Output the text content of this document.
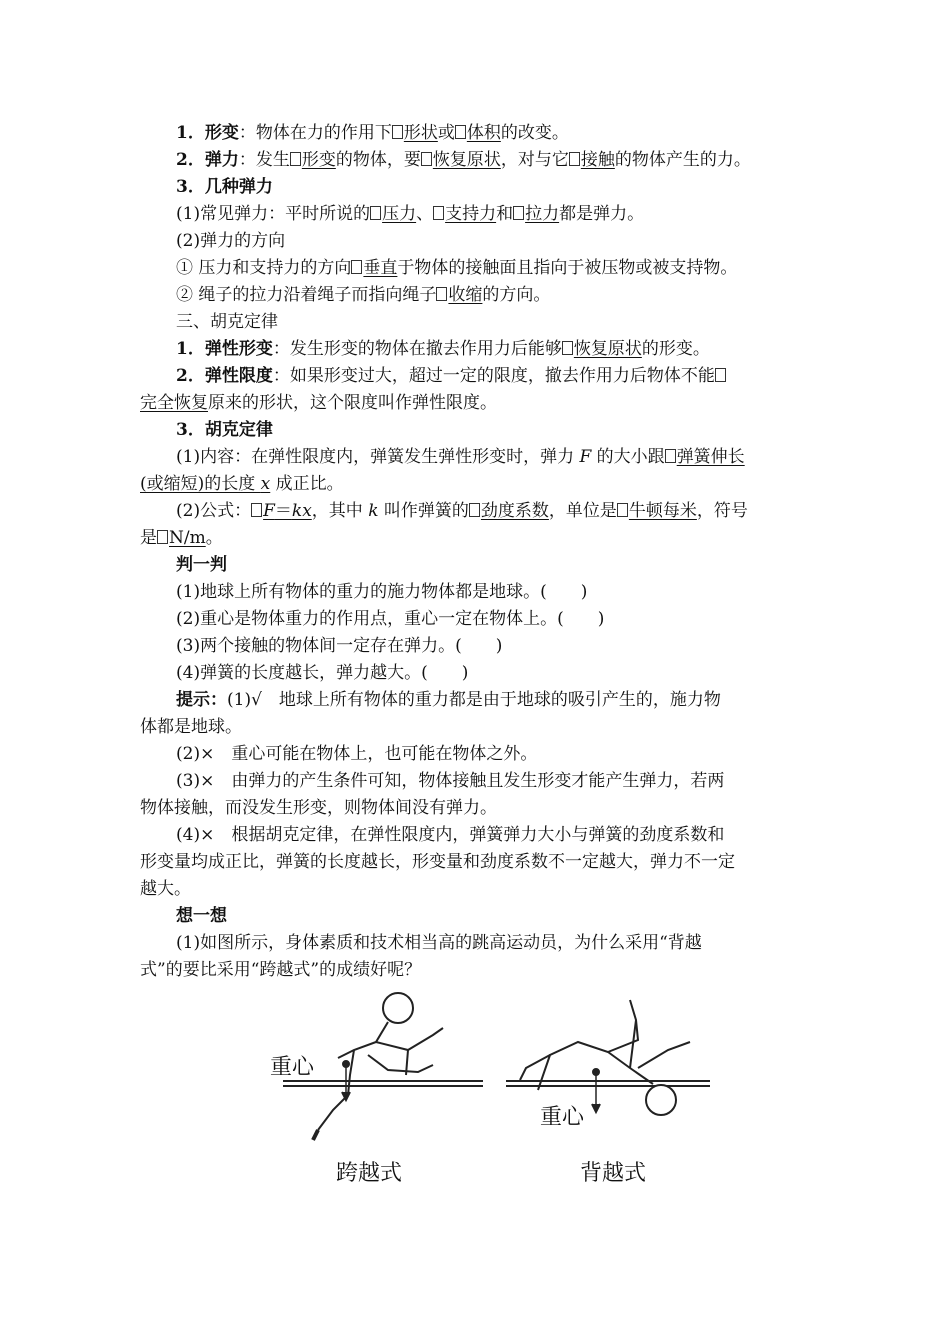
1．形变：物体在力的作用下 形状或 体积的改变。
2．弹力：发生 形变的物体，要 恢复原状，对与它 接触的物体产生的力。
3．几种弹力
(1)常见弹力：平时所说的 压力、 支持力和 拉力都是弹力。
(2)弹力的方向
① 压力和支持力的方向 垂直于物体的接触面且指向于被压物或被支持物。
② 绳子的拉力沿着绳子而指向绳子 收缩的方向。
三、胡克定律
1．弹性形变：发生形变的物体在撤去作用力后能够 恢复原状的形变。
2．弹性限度：如果形变过大，超过一定的限度，撤去作用力后物体不能
完全恢复原来的形状，这个限度叫作弹性限度。
3．胡克定律
(1)内容：在弹性限度内，弹簧发生弹性形变时，弹力 F 的大小跟 弹簧伸长
(或缩短)的长度 x 成正比。
(2)公式： F＝kx，其中 k 叫作弹簧的 劲度系数，单位是 牛顿每米，符号
是 N/m。
判一判
(1)地球上所有物体的重力的施力物体都是地球。(　　)
(2)重心是物体重力的作用点，重心一定在物体上。(　　)
(3)两个接触的物体间一定存在弹力。(　　)
(4)弹簧的长度越长，弹力越大。(　　)
提示：(1)√　地球上所有物体的重力都是由于地球的吸引产生的，施力物
体都是地球。
(2)×　重心可能在物体上，也可能在物体之外。
(3)×　由弹力的产生条件可知，物体接触且发生形变才能产生弹力，若两
物体接触，而没发生形变，则物体间没有弹力。
(4)×　根据胡克定律，在弹性限度内，弹簧弹力大小与弹簧的劲度系数和
形变量均成正比，弹簧的长度越长，形变量和劲度系数不一定越大，弹力不一定
越大。
想一想
(1)如图所示，身体素质和技术相当高的跳高运动员，为什么采用“背越
式”的要比采用“跨越式”的成绩好呢？
重心
重心
跨越式	背越式
